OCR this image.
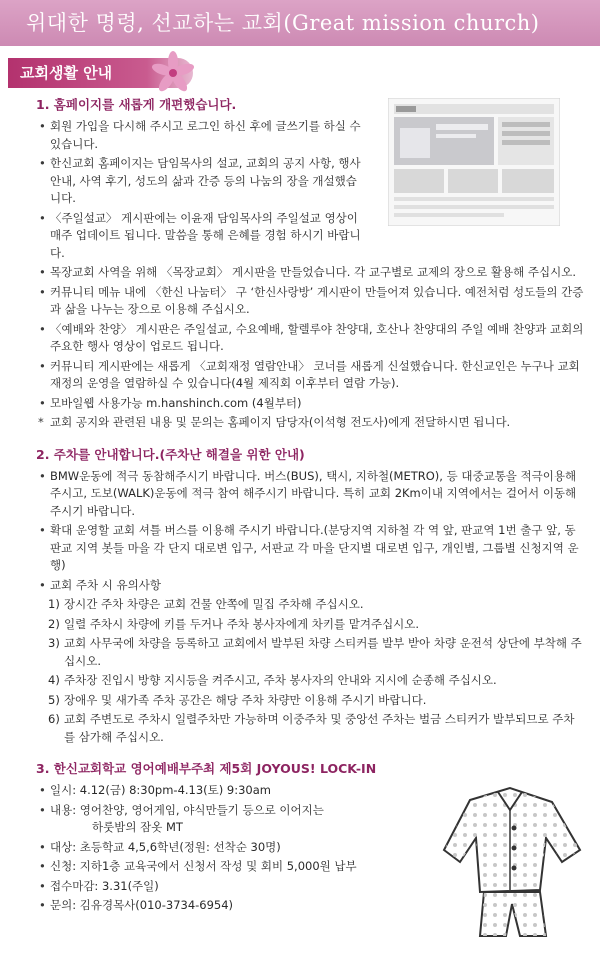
위대한 명령, 선교하는 교회(Great mission church)
교회생활 안내
1. 홈페이지를 새롭게 개편했습니다.
• 회원 가입을 다시해 주시고 로그인 하신 후에 글쓰기를 하실 수 있습니다.
• 한신교회 홈페이지는 담임목사의 설교, 교회의 공지 사항, 행사 안내, 사역 후기, 성도의 삶과 간증 등의 나눔의 장을 개설했습니다.
• 〈주일설교〉 게시판에는 이윤재 담임목사의 주일설교 영상이 매주 업데이트 됩니다. 말씀을 통해 은혜를 경험 하시기 바랍니다.
• 목장교회 사역을 위해 〈목장교회〉 게시판을 만들었습니다. 각 교구별로 교제의 장으로 활용해 주십시오.
• 커뮤니티 메뉴 내에 〈한신 나눔터〉 구 ‘한신사랑방’ 게시판이 만들어져 있습니다. 예전처럼 성도들의 간증과 삶을 나누는 장으로 이용해 주십시오.
• 〈예배와 찬양〉 게시판은 주일설교, 수요예배, 할렐루야 찬양대, 호산나 찬양대의 주일 예배 찬양과 교회의 주요한 행사 영상이 업로드 됩니다.
• 커뮤니티 게시판에는 새롭게 〈교회재정 열람안내〉 코너를 새롭게 신설했습니다. 한신교인은 누구나 교회 재정의 운영을 열람하실 수 있습니다(4월 제직회 이후부터 열람 가능).
• 모바일웹 사용가능 m.hanshinch.com (4월부터)
* 교회 공지와 관련된 내용 및 문의는 홈페이지 담당자(이석형 전도사)에게 전달하시면 됩니다.
2. 주차를 안내합니다.(주차난 해결을 위한 안내)
• BMW운동에 적극 동참해주시기 바랍니다. 버스(BUS), 택시, 지하철(METRO), 등 대중교통을 적극이용해 주시고, 도보(WALK)운동에 적극 참여 해주시기 바랍니다. 특히 교회 2Km이내 지역에서는 걸어서 이동해 주시기 바랍니다.
• 확대 운영할 교회 셔틀 버스를 이용해 주시기 바랍니다.(분당지역 지하철 각 역 앞, 판교역 1번 출구 앞, 동판교 지역 봇들 마을 각 단지 대로변 입구, 서판교 각 마을 단지별 대로변 입구, 개인별, 그룹별 신청지역 운행)
• 교회 주차 시 유의사항
1) 장시간 주차 차량은 교회 건물 안쪽에 밀집 주차해 주십시오.
2) 일렬 주차시 차량에 키를 두거나 주차 봉사자에게 차키를 맡겨주십시오.
3) 교회 사무국에 차량을 등록하고 교회에서 발부된 차량 스티커를 발부 받아 차량 운전석 상단에 부착해 주십시오.
4) 주차장 진입시 방향 지시등을 켜주시고, 주차 봉사자의 안내와 지시에 순종해 주십시오.
5) 장애우 및 새가족 주차 공간은 해당 주차 차량만 이용해 주시기 바랍니다.
6) 교회 주변도로 주차시 일렬주차만 가능하며 이중주차 및 중앙선 주차는 벌금 스티커가 발부되므로 주차를 삼가해 주십시오.
3. 한신교회학교 영어예배부주최 제5회 JOYOUS! LOCK-IN
• 일시: 4.12(금) 8:30pm-4.13(토) 9:30am
• 내용: 영어찬양, 영어게임, 야식만들기 등으로 이어지는
하룻밤의 잠옷 MT
• 대상: 초등학교 4,5,6학년(정원: 선착순 30명)
• 신청: 지하1층 교육국에서 신청서 작성 및 회비 5,000원 납부
• 접수마감: 3.31(주일)
• 문의: 김유경목사(010-3734-6954)
